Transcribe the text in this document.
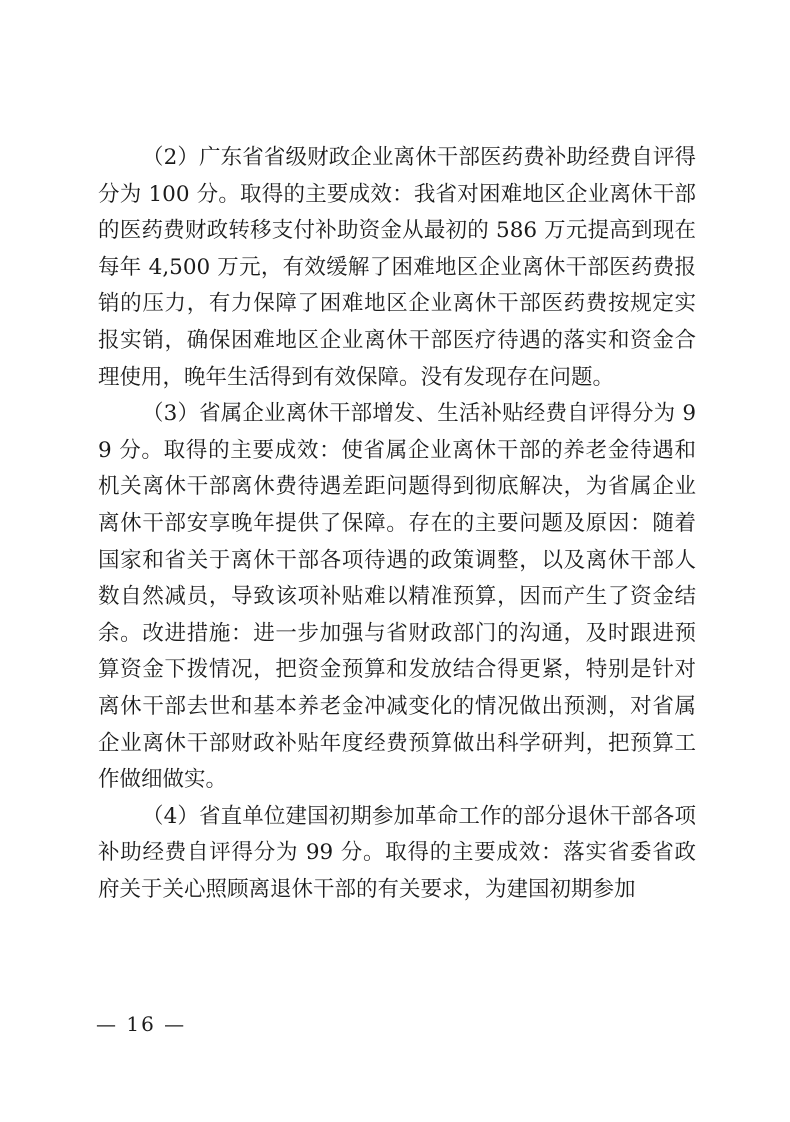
（2）广东省省级财政企业离休干部医药费补助经费自评得分为 100 分。取得的主要成效：我省对困难地区企业离休干部的医药费财政转移支付补助资金从最初的 586 万元提高到现在每年 4,500 万元，有效缓解了困难地区企业离休干部医药费报销的压力，有力保障了困难地区企业离休干部医药费按规定实报实销，确保困难地区企业离休干部医疗待遇的落实和资金合理使用，晚年生活得到有效保障。没有发现存在问题。

（3）省属企业离休干部增发、生活补贴经费自评得分为 99 分。取得的主要成效：使省属企业离休干部的养老金待遇和机关离休干部离休费待遇差距问题得到彻底解决，为省属企业离休干部安享晚年提供了保障。存在的主要问题及原因：随着国家和省关于离休干部各项待遇的政策调整，以及离休干部人数自然减员，导致该项补贴难以精准预算，因而产生了资金结余。改进措施：进一步加强与省财政部门的沟通，及时跟进预算资金下拨情况，把资金预算和发放结合得更紧，特别是针对离休干部去世和基本养老金冲减变化的情况做出预测，对省属企业离休干部财政补贴年度经费预算做出科学研判，把预算工作做细做实。

（4）省直单位建国初期参加革命工作的部分退休干部各项补助经费自评得分为 99 分。取得的主要成效：落实省委省政府关于关心照顾离退休干部的有关要求，为建国初期参加

— 16 —
